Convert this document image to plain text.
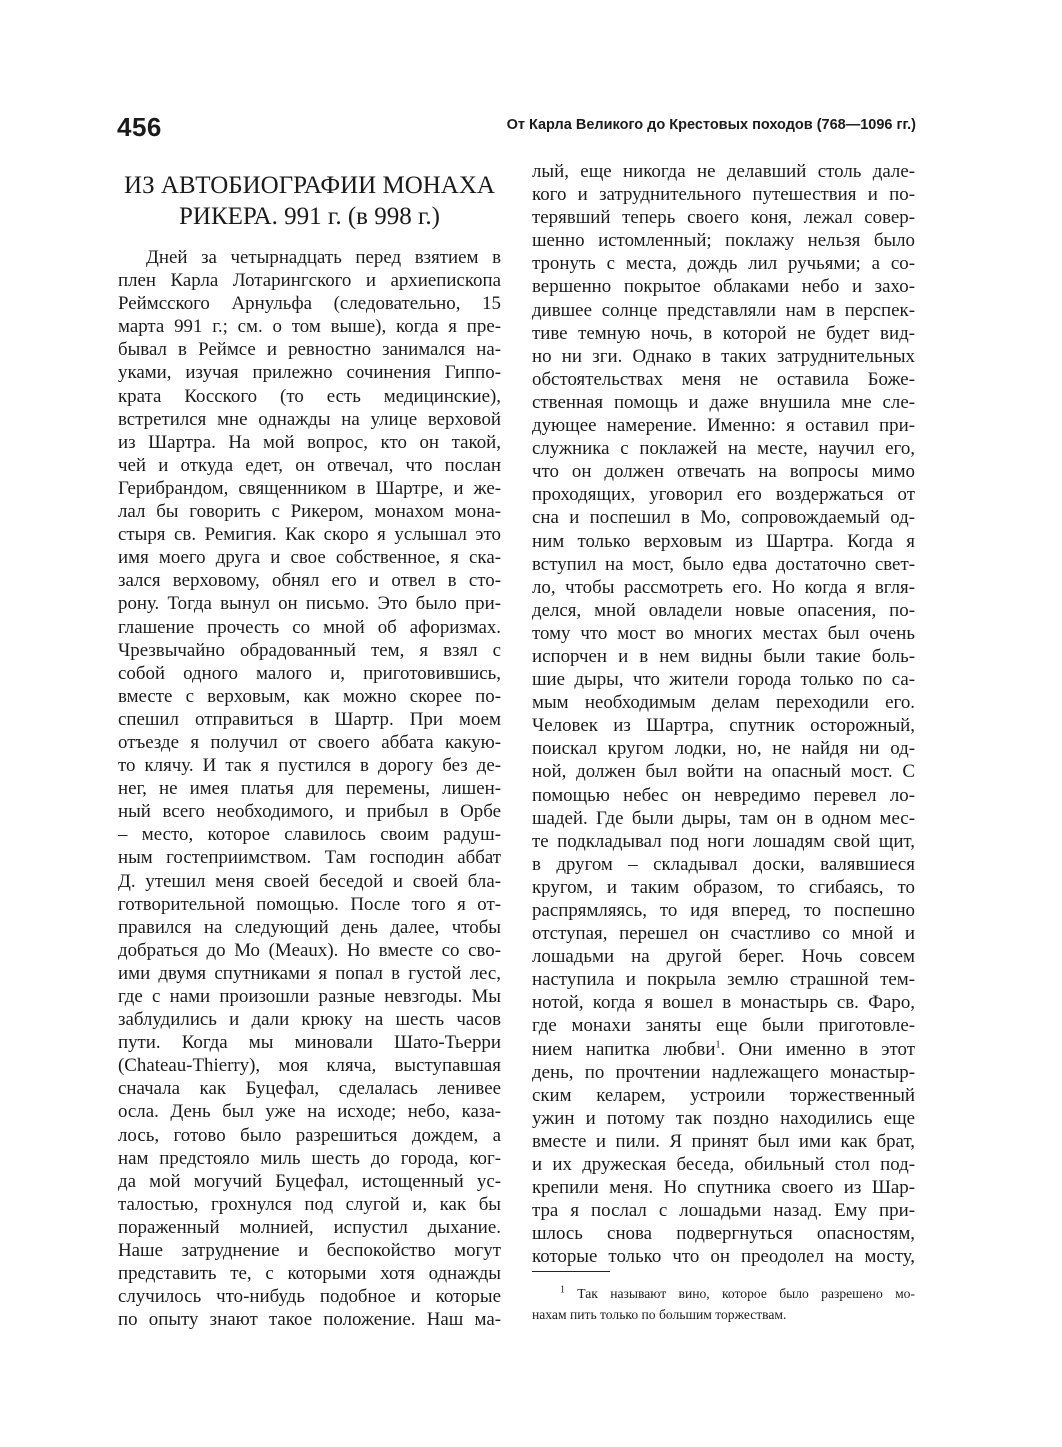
456	От Карла Великого до Крестовых походов (768—1096 гг.)
ИЗ АВТОБИОГРАФИИ МОНАХА
РИКЕРА. 991 г. (в 998 г.)
Дней за четырнадцать перед взятием в
плен Карла Лотарингского и архиепископа
Реймсского Арнульфа (следовательно, 15
марта 991 г.; см. о том выше), когда я пре-
бывал в Реймсе и ревностно занимался на-
уками, изучая прилежно сочинения Гиппо-
крата Косского (то есть медицинские),
встретился мне однажды на улице верховой
из Шартра. На мой вопрос, кто он такой,
чей и откуда едет, он отвечал, что послан
Герибрандом, священником в Шартре, и же-
лал бы говорить с Рикером, монахом мона-
стыря св. Ремигия. Как скоро я услышал это
имя моего друга и свое собственное, я ска-
зался верховому, обнял его и отвел в сто-
рону. Тогда вынул он письмо. Это было при-
глашение прочесть со мной об афоризмах.
Чрезвычайно обрадованный тем, я взял с
собой одного малого и, приготовившись,
вместе с верховым, как можно скорее по-
спешил отправиться в Шартр. При моем
отъезде я получил от своего аббата какую-
то клячу. И так я пустился в дорогу без де-
нег, не имея платья для перемены, лишен-
ный всего необходимого, и прибыл в Орбе
– место, которое славилось своим радуш-
ным гостеприимством. Там господин аббат
Д. утешил меня своей беседой и своей бла-
готворительной помощью. После того я от-
правился на следующий день далее, чтобы
добраться до Мо (Meaux). Но вместе со сво-
ими двумя спутниками я попал в густой лес,
где с нами произошли разные невзгоды. Мы
заблудились и дали крюку на шесть часов
пути. Когда мы миновали Шато-Тьерри
(Chateau-Thierry), моя кляча, выступавшая
сначала как Буцефал, сделалась ленивее
осла. День был уже на исходе; небо, каза-
лось, готово было разрешиться дождем, а
нам предстояло миль шесть до города, ког-
да мой могучий Буцефал, истощенный ус-
талостью, грохнулся под слугой и, как бы
пораженный молнией, испустил дыхание.
Наше затруднение и беспокойство могут
представить те, с которыми хотя однажды
случилось что-нибудь подобное и которые
по опыту знают такое положение. Наш ма-
лый, еще никогда не делавший столь дале-
кого и затруднительного путешествия и по-
терявший теперь своего коня, лежал совер-
шенно истомленный; поклажу нельзя было
тронуть с места, дождь лил ручьями; а со-
вершенно покрытое облаками небо и захо-
дившее солнце представляли нам в перспек-
тиве темную ночь, в которой не будет вид-
но ни зги. Однако в таких затруднительных
обстоятельствах меня не оставила Боже-
ственная помощь и даже внушила мне сле-
дующее намерение. Именно: я оставил при-
служника с поклажей на месте, научил его,
что он должен отвечать на вопросы мимо
проходящих, уговорил его воздержаться от
сна и поспешил в Мо, сопровождаемый од-
ним только верховым из Шартра. Когда я
вступил на мост, было едва достаточно свет-
ло, чтобы рассмотреть его. Но когда я вгля-
делся, мной овладели новые опасения, по-
тому что мост во многих местах был очень
испорчен и в нем видны были такие боль-
шие дыры, что жители города только по са-
мым необходимым делам переходили его.
Человек из Шартра, спутник осторожный,
поискал кругом лодки, но, не найдя ни од-
ной, должен был войти на опасный мост. С
помощью небес он невредимо перевел ло-
шадей. Где были дыры, там он в одном мес-
те подкладывал под ноги лошадям свой щит,
в другом – складывал доски, валявшиеся
кругом, и таким образом, то сгибаясь, то
распрямляясь, то идя вперед, то поспешно
отступая, перешел он счастливо со мной и
лошадьми на другой берег. Ночь совсем
наступила и покрыла землю страшной тем-
нотой, когда я вошел в монастырь св. Фаро,
где монахи заняты еще были приготовле-
нием напитка любви$^1$. Они именно в этот
день, по прочтении надлежащего монастыр-
ским келарем, устроили торжественный
ужин и потому так поздно находились еще
вместе и пили. Я принят был ими как брат,
и их дружеская беседа, обильный стол под-
крепили меня. Но спутника своего из Шар-
тра я послал с лошадьми назад. Ему при-
шлось снова подвергнуться опасностям,
которые только что он преодолел на мосту,
$^1$ Так называют вино, которое было разрешено мо-
нахам пить только по большим торжествам.
